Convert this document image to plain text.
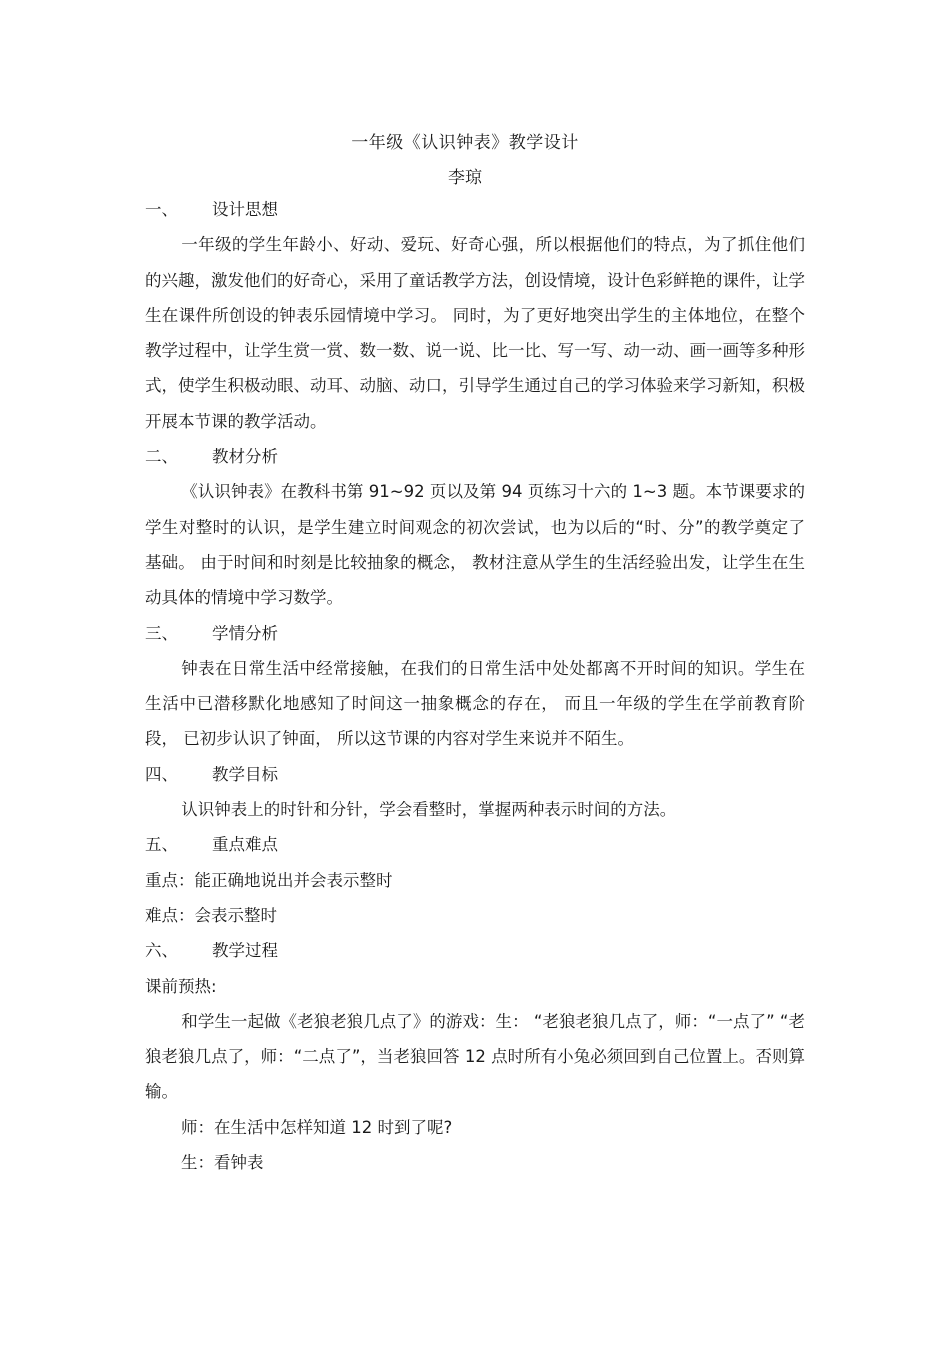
一年级《认识钟表》教学设计
李琼
一、	设计思想
一年级的学生年龄小、好动、爱玩、好奇心强，所以根据他们的特点，为了抓住他们的兴趣，激发他们的好奇心，采用了童话教学方法，创设情境，设计色彩鲜艳的课件，让学生在课件所创设的钟表乐园情境中学习。 同时，为了更好地突出学生的主体地位，在整个教学过程中，让学生赏一赏、数一数、说一说、比一比、写一写、动一动、画一画等多种形式，使学生积极动眼、动耳、动脑、动口，引导学生通过自己的学习体验来学习新知，积极开展本节课的教学活动。
二、	教材分析
《认识钟表》在教科书第 91~92 页以及第 94 页练习十六的 1~3 题。本节课要求的学生对整时的认识，是学生建立时间观念的初次尝试，也为以后的“时、分”的教学奠定了基础。 由于时间和时刻是比较抽象的概念， 教材注意从学生的生活经验出发，让学生在生动具体的情境中学习数学。
三、	学情分析
钟表在日常生活中经常接触，在我们的日常生活中处处都离不开时间的知识。学生在生活中已潜移默化地感知了时间这一抽象概念的存在， 而且一年级的学生在学前教育阶段， 已初步认识了钟面， 所以这节课的内容对学生来说并不陌生。
四、	教学目标
认识钟表上的时针和分针，学会看整时，掌握两种表示时间的方法。
五、	重点难点
重点：能正确地说出并会表示整时
难点：会表示整时
六、	教学过程
课前预热:
和学生一起做《老狼老狼几点了》的游戏：生： “老狼老狼几点了，师：“一点了” “老狼老狼几点了，师：“二点了”，当老狼回答 12 点时所有小兔必须回到自己位置上。否则算输。
师：在生活中怎样知道 12 时到了呢?
生：看钟表
